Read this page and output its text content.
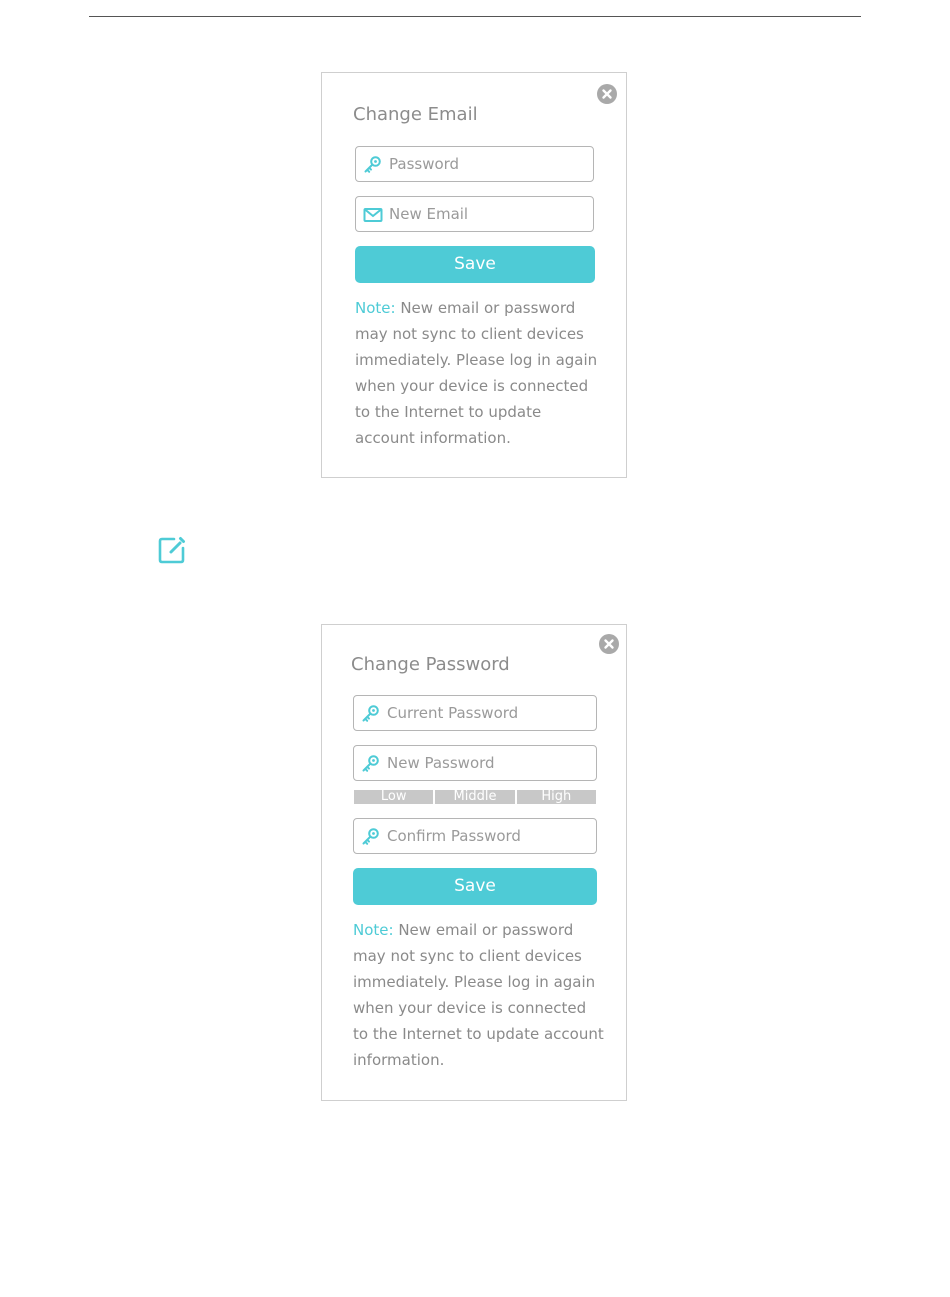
Change Email
New Email
Save
Note: New email or password may not sync to client devices immediately. Please log in again when your device is connected to the Internet to update account information.
Change Password
Low	Middle	High
Save
Note: New email or password may not sync to client devices immediately. Please log in again when your device is connected to the Internet to update account information.
